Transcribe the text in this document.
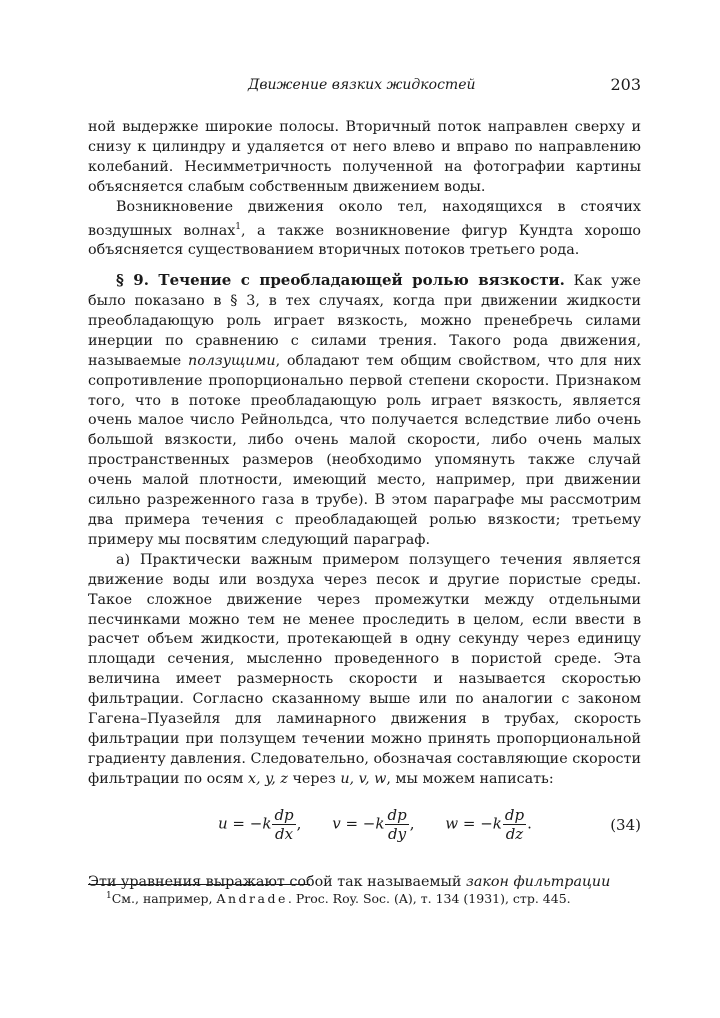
Движение вязких жидкостей	203

ной выдержке широкие полосы. Вторичный поток направлен сверху и снизу к цилиндру и удаляется от него влево и вправо по направлению колебаний. Несимметричность полученной на фотографии картины объясняется слабым собственным движением воды.

Возникновение движения около тел, находящихся в стоячих воздушных волнах$^1$, а также возникновение фигур Кундта хорошо объясняется существованием вторичных потоков третьего рода.

§ 9. Течение с преобладающей ролью вязкости. Как уже было показано в § 3, в тех случаях, когда при движении жидкости преобладающую роль играет вязкость, можно пренебречь силами инерции по сравнению с силами трения. Такого рода движения, называемые ползущими, обладают тем общим свойством, что для них сопротивление пропорционально первой степени скорости. Признаком того, что в потоке преобладающую роль играет вязкость, является очень малое число Рейнольдса, что получается вследствие либо очень большой вязкости, либо очень малой скорости, либо очень малых пространственных размеров (необходимо упомянуть также случай очень малой плотности, имеющий место, например, при движении сильно разреженного газа в трубе). В этом параграфе мы рассмотрим два примера течения с преобладающей ролью вязкости; третьему примеру мы посвятим следующий параграф.

а) Практически важным примером ползущего течения является движение воды или воздуха через песок и другие пористые среды. Такое сложное движение через промежутки между отдельными песчинками можно тем не менее проследить в целом, если ввести в расчет объем жидкости, протекающей в одну секунду через единицу площади сечения, мысленно проведенного в пористой среде. Эта величина имеет размерность скорости и называется скоростью фильтрации. Согласно сказанному выше или по аналогии с законом Гагена–Пуазейля для ламинарного движения в трубах, скорость фильтрации при ползущем течении можно принять пропорциональной градиенту давления. Следовательно, обозначая составляющие скорости фильтрации по осям x, y, z через u, v, w, мы можем написать:

$u = -k \frac{dp}{dx}$ , $v = -k \frac{dp}{dy}$ , $w = -k \frac{dp}{dz}$ .	(34)

Эти уравнения выражают собой так называемый закон фильтрации

$^1$См., например, Andrade. Proc. Roy. Soc. (A), т. 134 (1931), стр. 445.
